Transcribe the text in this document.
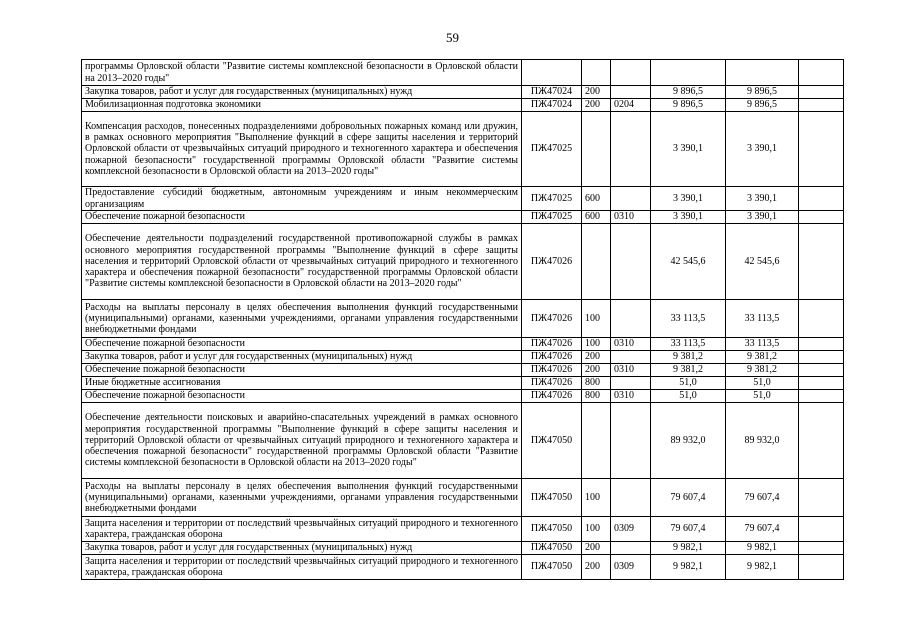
59
программы Орловской области "Развитие системы комплексной безопасности в Орловской области на 2013–2020 годы"						
Закупка товаров, работ и услуг для государственных (муниципальных) нужд	ПЖ47024	200		9 896,5	9 896,5	
Мобилизационная подготовка экономики	ПЖ47024	200	0204	9 896,5	9 896,5	
Компенсация расходов, понесенных подразделениями добровольных пожарных команд или дружин, в рамках основного мероприятия "Выполнение функций в сфере защиты населения и территорий Орловской области от чрезвычайных ситуаций природного и техногенного характера и обеспечения пожарной безопасности" государственной программы Орловской области "Развитие системы комплексной безопасности в Орловской области на 2013–2020 годы"	ПЖ47025			3 390,1	3 390,1	
Предоставление субсидий бюджетным, автономным учреждениям и иным некоммерческим организациям	ПЖ47025	600		3 390,1	3 390,1	
Обеспечение пожарной безопасности	ПЖ47025	600	0310	3 390,1	3 390,1	
Обеспечение деятельности подразделений государственной противопожарной службы в рамках основного мероприятия государственной программы "Выполнение функций в сфере защиты населения и территорий Орловской области от чрезвычайных ситуаций природного и техногенного характера и обеспечения пожарной безопасности" государственной программы Орловской области "Развитие системы комплексной безопасности в Орловской области на 2013–2020 годы"	ПЖ47026			42 545,6	42 545,6	
Расходы на выплаты персоналу в целях обеспечения выполнения функций государственными (муниципальными) органами, казенными учреждениями, органами управления государственными внебюджетными фондами	ПЖ47026	100		33 113,5	33 113,5	
Обеспечение пожарной безопасности	ПЖ47026	100	0310	33 113,5	33 113,5	
Закупка товаров, работ и услуг для государственных (муниципальных) нужд	ПЖ47026	200		9 381,2	9 381,2	
Обеспечение пожарной безопасности	ПЖ47026	200	0310	9 381,2	9 381,2	
Иные бюджетные ассигнования	ПЖ47026	800		51,0	51,0	
Обеспечение пожарной безопасности	ПЖ47026	800	0310	51,0	51,0	
Обеспечение деятельности поисковых и аварийно-спасательных учреждений в рамках основного мероприятия государственной программы "Выполнение функций в сфере защиты населения и территорий Орловской области от чрезвычайных ситуаций природного и техногенного характера и обеспечения пожарной безопасности" государственной программы Орловской области "Развитие системы комплексной безопасности в Орловской области на 2013–2020 годы"	ПЖ47050			89 932,0	89 932,0	
Расходы на выплаты персоналу в целях обеспечения выполнения функций государственными (муниципальными) органами, казенными учреждениями, органами управления государственными внебюджетными фондами	ПЖ47050	100		79 607,4	79 607,4	
Защита населения и территории от последствий чрезвычайных ситуаций природного и техногенного характера, гражданская оборона	ПЖ47050	100	0309	79 607,4	79 607,4	
Закупка товаров, работ и услуг для государственных (муниципальных) нужд	ПЖ47050	200		9 982,1	9 982,1	
Защита населения и территории от последствий чрезвычайных ситуаций природного и техногенного характера, гражданская оборона	ПЖ47050	200	0309	9 982,1	9 982,1	
